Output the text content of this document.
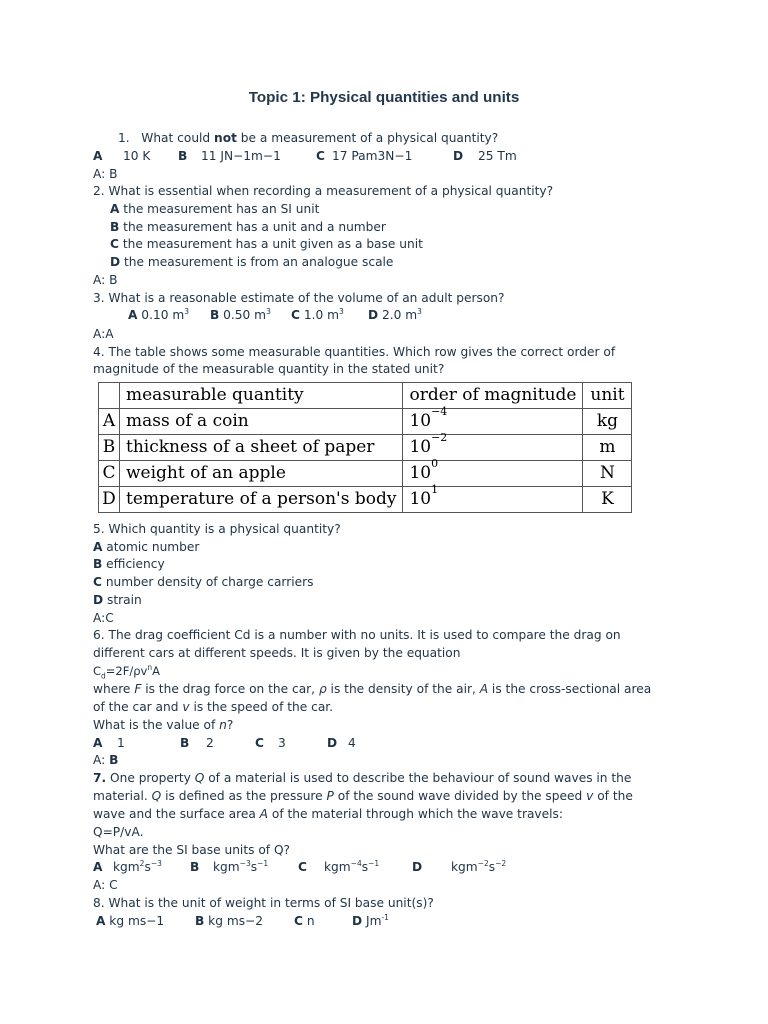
Topic 1: Physical quantities and units
1. What could not be a measurement of a physical quantity?
A 10 K B 11 JN−1m−1	C 17 Pam3N−1	D 25 Tm
A: B
2. What is essential when recording a measurement of a physical quantity?
A the measurement has an SI unit
B the measurement has a unit and a number
C the measurement has a unit given as a base unit
D the measurement is from an analogue scale
A: B
3. What is a reasonable estimate of the volume of an adult person?
A 0.10 $m^3$ B 0.50 $m^3$ C 1.0 $m^3$ D 2.0 $m^3$
A:A
4. The table shows some measurable quantities. Which row gives the correct order of
magnitude of the measurable quantity in the stated unit?
	measurable quantity	order of magnitude	unit
A	mass of a coin	$10^{-4}$	kg
B	thickness of a sheet of paper	$10^{-2}$	m
C	weight of an apple	$10^0$	N
D	temperature of a person's body	$10^1$	K
5. Which quantity is a physical quantity?
A atomic number
B efficiency
C number density of charge carriers
D strain
A:C
6. The drag coefficient Cd is a number with no units. It is used to compare the drag on
different cars at different speeds. It is given by the equation
$C_d=2F/\rho v^nA$
where F is the drag force on the car, ρ is the density of the air, A is the cross-sectional area
of the car and v is the speed of the car.
What is the value of n?
A 1	B 2	C 3	D 4
A: B
7. One property Q of a material is used to describe the behaviour of sound waves in the
material. Q is defined as the pressure P of the sound wave divided by the speed v of the
wave and the surface area A of the material through which the wave travels:
Q=P/vA.
What are the SI base units of Q?
A $kgm^2s^{-3}$ B $kgm^{-3}s^{-1}$ C $kgm^{-4}s^{-1}$	D $kgm^{-2}s^{-2}$
A: C
8. What is the unit of weight in terms of SI base unit(s)?
A kg ms−1	B kg ms−2	C n	D $Jm^{-1}$
